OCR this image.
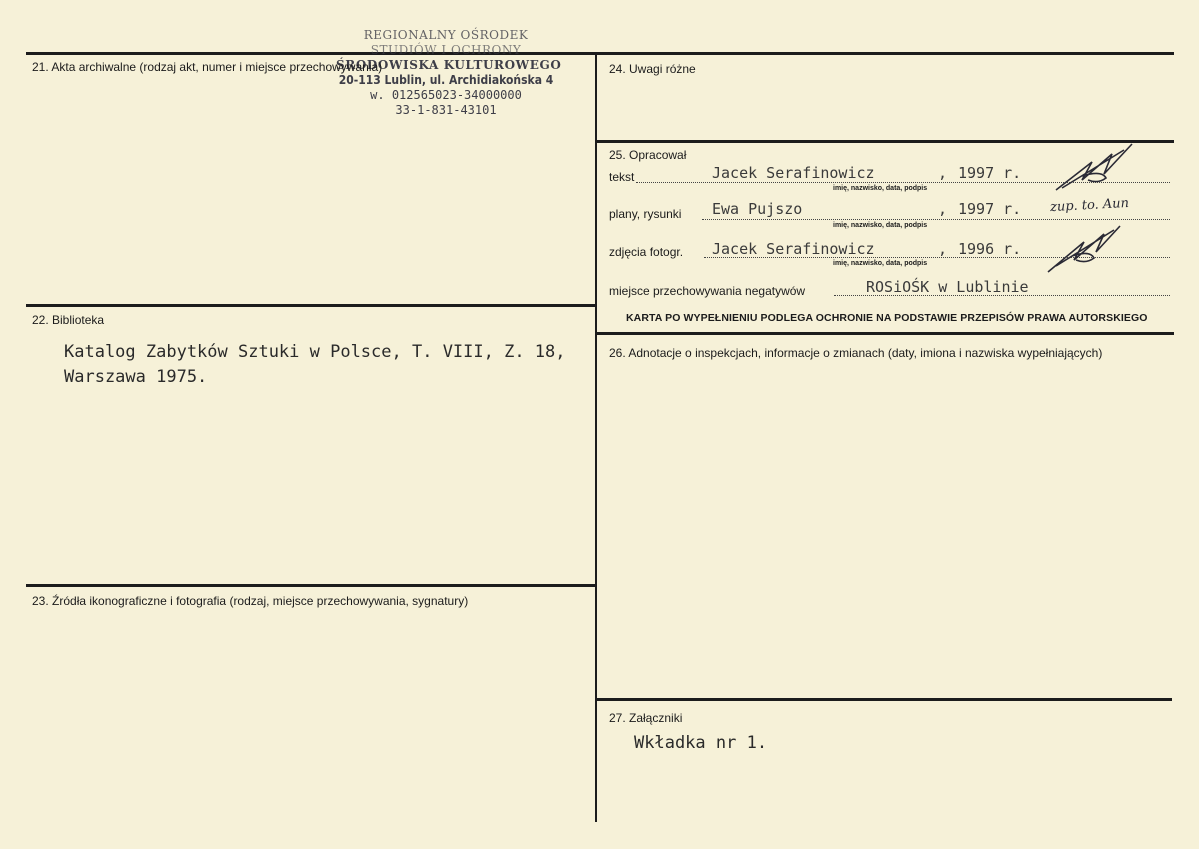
REGIONALNY OŚRODEK
STUDIÓW I OCHRONY
ŚRODOWISKA KULTUROWEGO
20-113 Lublin, ul. Archidiakońska 4
w. 012565023-34000000
33-1-831-43101
21. Akta archiwalne (rodzaj akt, numer i miejsce przechowywania)
22. Biblioteka
Katalog Zabytków Sztuki w Polsce, T. VIII, Z. 18,
Warszawa 1975.
23. Źródła ikonograficzne i fotografia (rodzaj, miejsce przechowywania, sygnatury)
24. Uwagi różne
25. Opracował
tekst	Jacek Serafinowicz	1997 r.
,
imię, nazwisko, data, podpis
plany, rysunki Ewa Pujszo	, 1997 r.
imię, nazwisko, data, podpis
zup. to. Aun
zdjęcia fotogr. Jacek Serafinowicz	, 1996 r.
imię, nazwisko, data, podpis
miejsce przechowywania negatywów	ROSiOŚK w Lublinie
KARTA PO WYPEŁNIENIU PODLEGA OCHRONIE NA PODSTAWIE PRZEPISÓW PRAWA AUTORSKIEGO
26. Adnotacje o inspekcjach, informacje o zmianach (daty, imiona i nazwiska wypełniających)
27. Załączniki
Wkładka nr 1.
